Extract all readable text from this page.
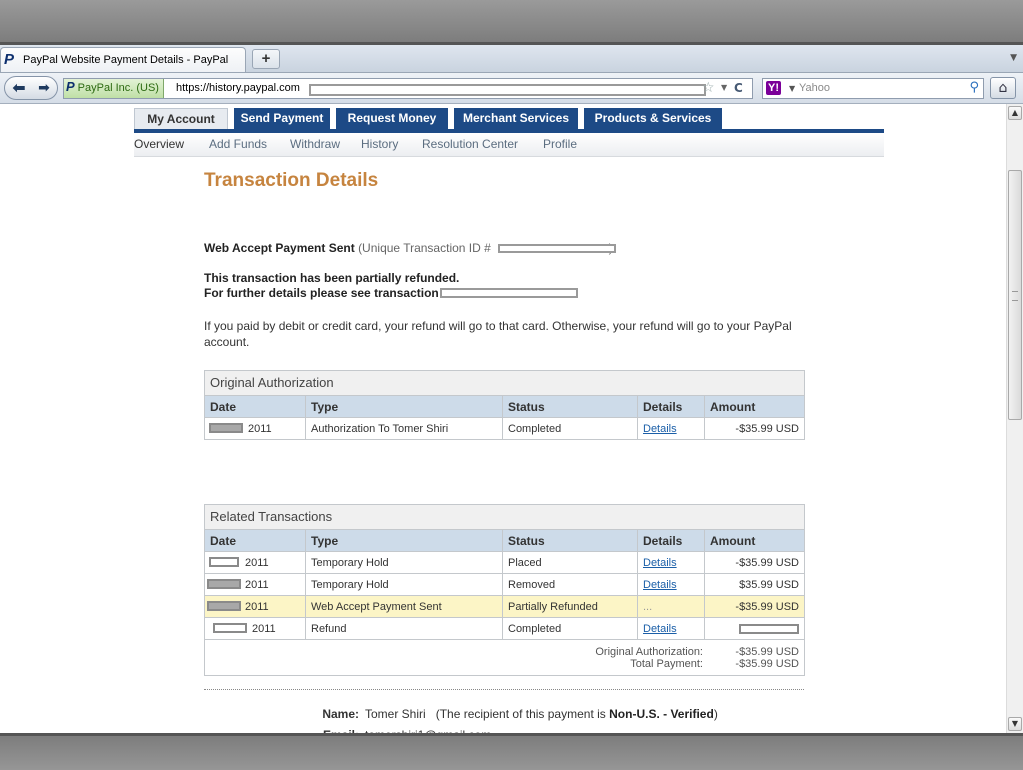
P PayPal Website Payment Details - PayPal	+	▼
⬅ ➡	P PayPal Inc. (US)	https://history.paypal.com	☆ ▼ C Y! ▼ Yahoo	⚲	⌂
My Account	Send Payment	Request Money	Merchant Services	Products & Services
Overview Add Funds Withdraw History Resolution Center Profile
Transaction Details
Web Accept Payment Sent (Unique Transaction ID #
This transaction has been partially refunded.
For further details please see transaction
If you paid by debit or credit card, your refund will go to that card. Otherwise, your refund will go to your PayPal
account.
Original Authorization
Date	Type	Status	Details	Amount

2011	Authorization To Tomer Shiri	Completed	Details	-$35.99 USD
Related Transactions
Date	Type	Status	Details	Amount

2011	Temporary Hold	Placed	Details	-$35.99 USD

2011	Temporary Hold	Removed	Details	$35.99 USD

2011	Web Accept Payment Sent	Partially Refunded	...	-$35.99 USD

2011	Refund	Completed	Details	

Original Authorization: -$35.99 USD
Total Payment: -$35.99 USD				
Name: Tomer Shiri (The recipient of this payment is Non-U.S. - Verified)
▲
▼
